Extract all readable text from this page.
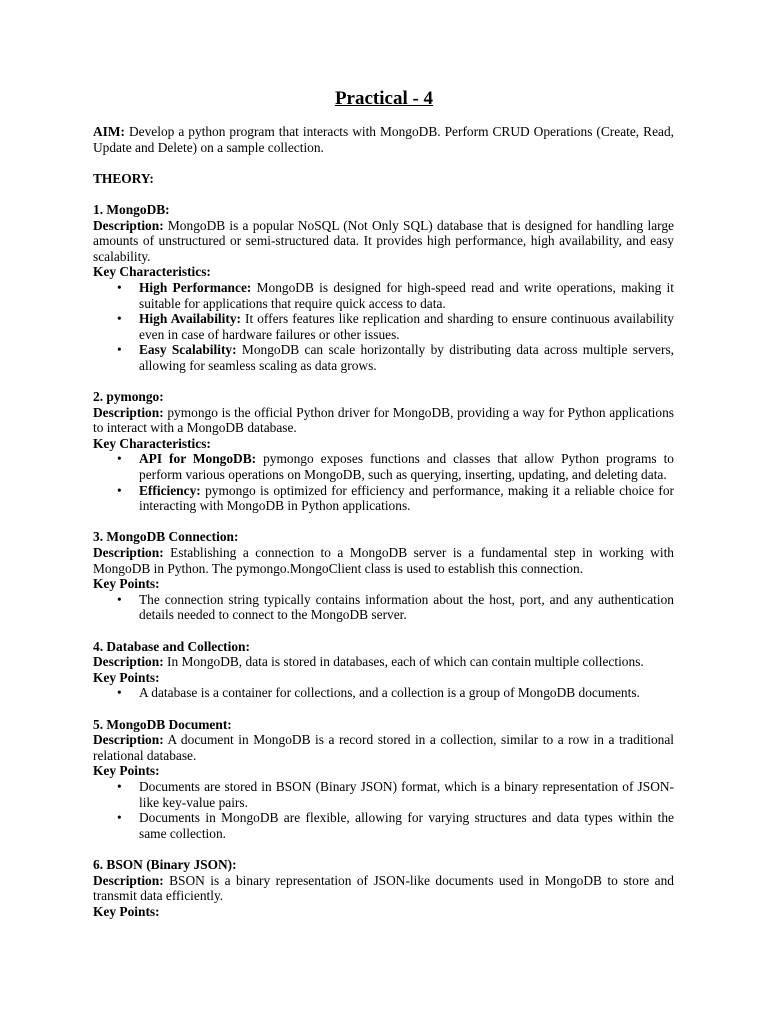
Practical - 4

AIM: Develop a python program that interacts with MongoDB. Perform CRUD Operations (Create, Read, Update and Delete) on a sample collection.

THEORY:

1. MongoDB:

Description: MongoDB is a popular NoSQL (Not Only SQL) database that is designed for handling large amounts of unstructured or semi-structured data. It provides high performance, high availability, and easy scalability.

Key Characteristics:

• High Performance: MongoDB is designed for high-speed read and write operations, making it suitable for applications that require quick access to data.
• High Availability: It offers features like replication and sharding to ensure continuous availability even in case of hardware failures or other issues.
• Easy Scalability: MongoDB can scale horizontally by distributing data across multiple servers, allowing for seamless scaling as data grows.

2. pymongo:

Description: pymongo is the official Python driver for MongoDB, providing a way for Python applications to interact with a MongoDB database.

Key Characteristics:

• API for MongoDB: pymongo exposes functions and classes that allow Python programs to perform various operations on MongoDB, such as querying, inserting, updating, and deleting data.
• Efficiency: pymongo is optimized for efficiency and performance, making it a reliable choice for interacting with MongoDB in Python applications.

3. MongoDB Connection:

Description: Establishing a connection to a MongoDB server is a fundamental step in working with MongoDB in Python. The pymongo.MongoClient class is used to establish this connection.

Key Points:

• The connection string typically contains information about the host, port, and any authentication details needed to connect to the MongoDB server.

4. Database and Collection:

Description: In MongoDB, data is stored in databases, each of which can contain multiple collections.

Key Points:

• A database is a container for collections, and a collection is a group of MongoDB documents.

5. MongoDB Document:

Description: A document in MongoDB is a record stored in a collection, similar to a row in a traditional relational database.

Key Points:

• Documents are stored in BSON (Binary JSON) format, which is a binary representation of JSON-like key-value pairs.
• Documents in MongoDB are flexible, allowing for varying structures and data types within the same collection.

6. BSON (Binary JSON):

Description: BSON is a binary representation of JSON-like documents used in MongoDB to store and transmit data efficiently.

Key Points:
